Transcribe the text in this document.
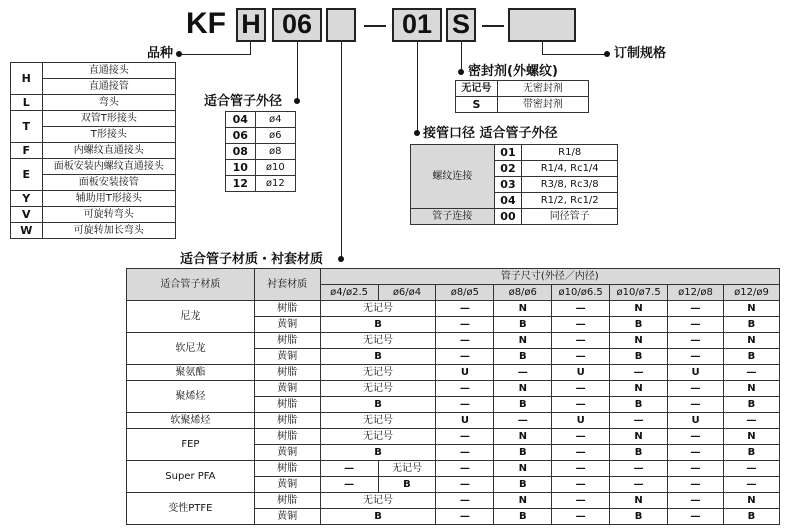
KF H 06	01 S
品种	订制规格
密封剂(外螺纹)
适合管子外径
接管口径 适合管子外径
适合管子材质・衬套材质
H	直通接头
	直通接管
L	弯头
T	双管T形接头
	T形接头
F	内螺纹直通接头
E	面板安装内螺纹直通接头
	面板安装接管
Y	辅助用T形接头
V	可旋转弯头
W	可旋转加长弯头
04	ø4
06	ø6
08	ø8
10	ø10
12	ø12
无记号	无密封剂
S	带密封剂
螺纹连接	01	R1/8
	02	R1/4, Rc1/4
	03	R3/8, Rc3/8
	04	R1/2, Rc1/2
管子连接	00	同径管子
适合管子材质	衬套材质	管子尺寸(外径／内径)							
		ø4/ø2.5	ø6/ø4	ø8/ø5	ø8/ø6	ø10/ø6.5	ø10/ø7.5	ø12/ø8	ø12/ø9
尼龙	树脂	无记号		—	N	—	N	—	N
	黄铜	B		—	B	—	B	—	B
软尼龙	树脂	无记号		—	N	—	N	—	N
	黄铜	B		—	B	—	B	—	B
聚氨酯	树脂	无记号		U	—	U	—	U	—
聚烯烃	黄铜	无记号		—	N	—	N	—	N
	树脂	B		—	B	—	B	—	B
软聚烯烃	树脂	无记号		U	—	U	—	U	—
FEP	树脂	无记号		—	N	—	N	—	N
	黄铜	B		—	B	—	B	—	B
Super PFA	树脂	—	无记号	—	N	—	—	—	—
	黄铜	—	B	—	B	—	—	—	—
变性PTFE	树脂	无记号		—	N	—	N	—	N
	黄铜	B		—	B	—	B	—	B
